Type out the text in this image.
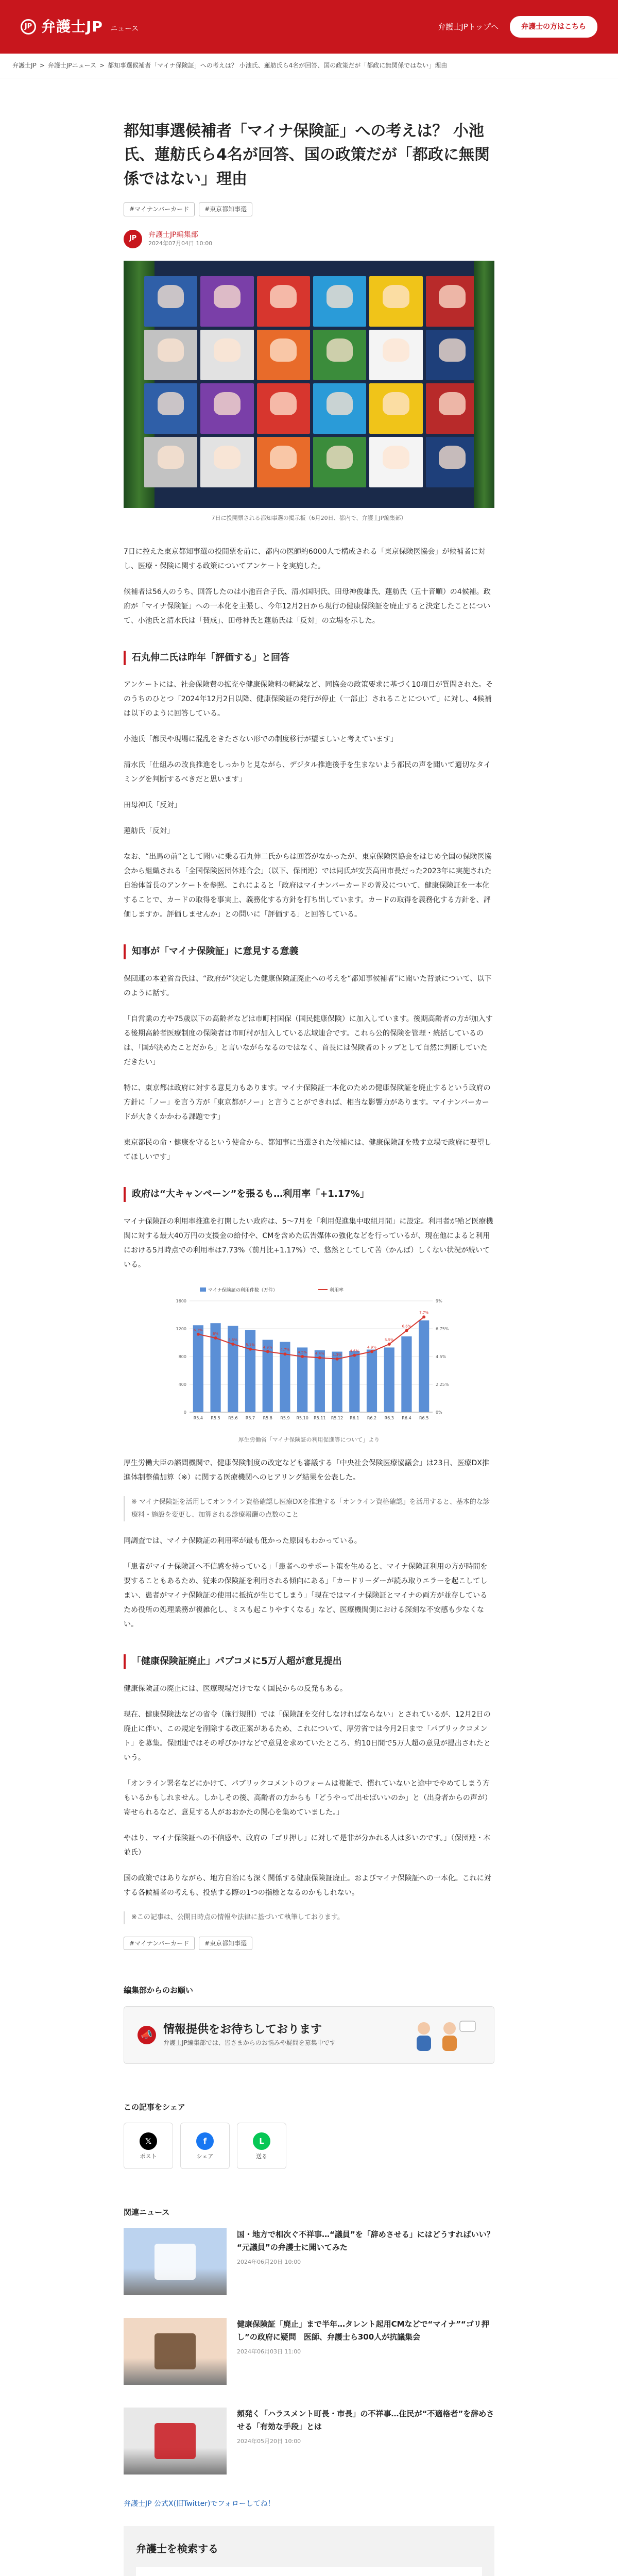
JP 弁護士JP ニュース	弁護士JPトップへ	弁護士の方はこちら
弁護士JP > 弁護士JPニュース > 都知事選候補者「マイナ保険証」への考えは？ 小池氏、蓮舫氏ら4名が回答、国の政策だが「都政に無関係ではない」理由
都知事選候補者「マイナ保険証」への考えは？ 小池氏、蓮舫氏ら4名が回答、国の政策だが「都政に無関係ではない」理由
#マイナンバーカード	#東京都知事選
JP	弁護士JP編集部
2024年07月04日 10:00
7日に投開票される都知事選の掲示板（6月20日、都内で、弁護士JP編集部）

7日に控えた東京都知事選の投開票を前に、都内の医師約6000人で構成される「東京保険医協会」が候補者に対し、医療・保険に関する政策についてアンケートを実施した。

候補者は56人のうち、回答したのは小池百合子氏、清水国明氏、田母神俊雄氏、蓮舫氏（五十音順）の4候補。政府が「マイナ保険証」への一本化を主張し、今年12月2日から現行の健康保険証を廃止すると決定したことについて、小池氏と清水氏は「賛成」、田母神氏と蓮舫氏は「反対」の立場を示した。

石丸伸二氏は昨年「評価する」と回答

アンケートには、社会保険費の拡充や健康保険料の軽減など、同協会の政策要求に基づく10項目が質問された。そのうちのひとつ「2024年12月2日以降、健康保険証の発行が停止（一部止）されることについて」に対し、4候補は以下のように回答している。

小池氏「都民や現場に混乱をきたさない形での制度移行が望ましいと考えています」

清水氏「仕組みの改良推進をしっかりと見ながら、デジタル推進後手を生まないよう都民の声を聞いて適切なタイミングを判断するべきだと思います」

田母神氏「反対」

蓮舫氏「反対」

なお、“出馬の前”として聞いに乗る石丸伸二氏からは回答がなかったが、東京保険医協会をはじめ全国の保険医協会から組織される「全国保険医団体連合会」（以下、保団連）では同氏が安芸高田市長だった2023年に実施された自治体首長のアンケートを参照。これによると「政府はマイナンバーカードの普及について、健康保険証を一本化することで、カードの取得を事実上、義務化する方針を打ち出しています。カードの取得を義務化する方針を、評価しますか。評価しませんか」との問いに「評価する」と回答している。

知事が「マイナ保険証」に意見する意義

保団連の本並省吾氏は、“政府が”決定した健康保険証廃止への考えを“都知事候補者”に聞いた背景について、以下のように話す。

「自営業の方や75歳以下の高齢者などは市町村国保（国民健康保険）に加入しています。後期高齢者の方が加入する後期高齢者医療制度の保険者は市町村が加入している広域連合です。これら公的保険を管理・統括しているのは、「国が決めたことだから」と言いながらなるのではなく、首長には保険者のトップとして自然に判断していただきたい」

特に、東京都は政府に対する意見力もあります。マイナ保険証一本化のための健康保険証を廃止するという政府の方針に「ノー」を言う方が「東京都がノー」と言うことができれば、相当な影響力があります。マイナンバーカードが大きくかかわる課題です」

東京都民の命・健康を守るという使命から、都知事に当選された候補には、健康保険証を残す立場で政府に要望してほしいです」

政府は“大キャンペーン”を張るも…利用率「+1.17%」

マイナ保険証の利用率推進を打開したい政府は、5〜7月を「利用促進集中取組月間」に設定。利用者が殆ど医療機関に対する最大40万円の支援金の給付や、CMを含めた広告媒体の強化などを行っているが、現在他によると利用における5月時点での利用率は7.73%（前月比+1.17%）で、悠然としてして苦（かんば）しくない状況が続いている。

0	0%
400	2.25%
800	4.5%
1200	6.75%
1600	9%
6.3%
6%
5.5%
5.1%
4.9%
4.7%
4.5% 4.4% 4.3%
4.6%
4.9%
5.5%
6.6%
7.7%
R5.4 R5.5 R5.6 R5.7 R5.8 R5.9 R5.10 R5.11 R5.12 R6.1 R6.2 R6.3 R6.4 R6.5
マイナ保険証の利用件数（万件）	利用率
厚生労働省「マイナ保険証の利用促進等について」より

厚生労働大臣の諮問機関で、健康保険制度の改定なども審議する「中央社会保険医療協議会」は23日、医療DX推進体制整備加算（※）に関する医療機関へのヒアリング結果を公表した。

※ マイナ保険証を活用してオンライン資格確認し医療DXを推進する「オンライン資格確認」を活用すると、基本的な診療料・施設を変更し、加算される診療報酬の点数のこと

同調査では、マイナ保険証の利用率が最も低かった原因もわかっている。

「患者がマイナ保険証へ不信感を持っている」「患者へのサポート策を生めると、マイナ保険証利用の方が時間を要することもあるため、従来の保険証を利用される傾向にある」「カードリーダーが読み取りエラーを起こしてしまい、患者がマイナ保険証の使用に抵抗が生じてしまう」「現在ではマイナ保険証とマイナの両方が並存しているため役所の処理業務が複雑化し、ミスも起こりやすくなる」など、医療機関側における深刻な不安感も少なくない。

「健康保険証廃止」パブコメに5万人超が意見提出

健康保険証の廃止には、医療現場だけでなく国民からの反発もある。

現在、健康保険法などの省令（施行規則）では「保険証を交付しなければならない」とされているが、12月2日の廃止に伴い、この規定を削除する改正案があるため、これについて、厚労省では今月2日まで「パブリックコメント」を募集。保団連ではその呼びかけなどで意見を求めていたところ、約10日間で5万人超の意見が提出されたという。

「オンライン署名などにかけて、パブリックコメントのフォームは複雑で、慣れていないと途中でやめてしまう方もいるかもしれません。しかしその後、高齢者の方からも「どうやって出せばいいのか」と（出身者からの声が）寄せられるなど、意見する人がおおかたの関心を集めていました。」

やはり、マイナ保険証への不信感や、政府の「ゴリ押し」に対して是非が分かれる人は多いのです。」（保団連・本並氏）

国の政策ではありながら、地方自治にも深く関係する健康保険証廃止。およびマイナ保険証への一本化。これに対する各候補者の考えも、投票する際の1つの指標となるのかもしれない。

※この記事は、公開日時点の情報や法律に基づいて執筆しております。
#マイナンバーカード	#東京都知事選
編集部からのお願い
📣 情報提供をお待ちしております
弁護士JP編集部では、皆さまからのお悩みや疑問を募集中です
この記事をシェア
𝕏
ポスト
f
シェア
L
送る
関連ニュース
国・地方で相次ぐ不祥事…“議員”を「辞めさせる」にはどうすればいい？ “元議員”の弁護士に聞いてみた
2024年06月20日 10:00
健康保険証「廃止」まで半年…タレント起用CMなどで“マイナ”“ゴリ押し”の政府に疑問　医師、弁護士ら300人が抗議集会
2024年06月03日 11:00
頻発く「ハラスメント町長・市長」の不祥事…住民が“不適格者”を辞めさせる「有効な手段」とは
2024年05月20日 10:00
弁護士JP 公式X(旧Twitter)でフォローしてね！
弁護士を検索する
